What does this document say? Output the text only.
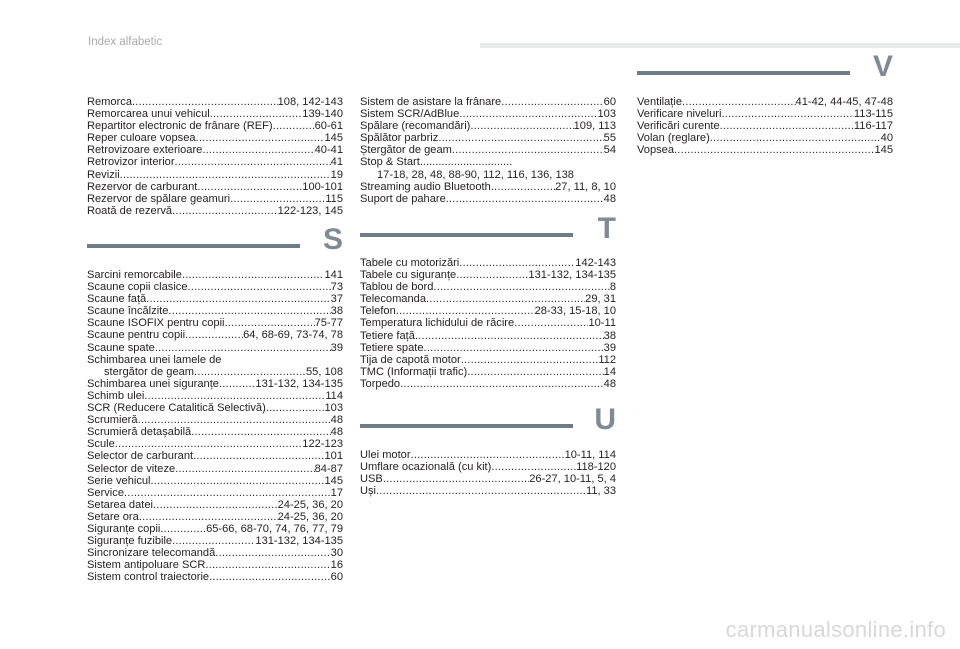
Index alfabetic
Remorca .....	108, 142-143
Remorcarea unui vehicul .....	139-140
Repartitor electronic de frânare (REF) .....	60-61
Reper culoare vopsea .....	145
Retrovizoare exterioare .....	40-41
Retrovizor interior .....	41
Revizii .....	19
Rezervor de carburant .....	100-101
Rezervor de spălare geamuri .....	115
Roată de rezervă .....	122-123, 145
S
Sarcini remorcabile .....	141
Scaune copii clasice .....	73
Scaune față .....	37
Scaune încălzite .....	38
Scaune ISOFIX pentru copii .....	75-77
Scaune pentru copii .....	64, 68-69, 73-74, 78
Scaune spate .....	39
Schimbarea unei lamele de
stergător de geam .....	55, 108
Schimbarea unei siguranțe .....	131-132, 134-135
Schimb ulei .....	114
SCR (Reducere Catalitică Selectivă) .....	103
Scrumieră .....	48
Scrumieră detașabilă .....	48
Scule .....	122-123
Selector de carburant .....	101
Selector de viteze .....	84-87
Serie vehicul .....	145
Service .....	17
Setarea datei .....	24-25, 36, 20
Setare ora .....	24-25, 36, 20
Siguranțe copii .....	65-66, 68-70, 74, 76, 77, 79
Siguranțe fuzibile .....	131-132, 134-135
Sincronizare telecomandă .....	30
Sistem antipoluare SCR .....	16
Sistem control traiectorie .....	60
Sistem de asistare la frânare .....	60
Sistem SCR/AdBlue .....	103
Spălare (recomandări) .....	109, 113
Spălător parbriz .....	55
Ștergător de geam .....	54
Stop & Start..............................
17-18, 28, 48, 88-90, 112, 116, 136, 138
Streaming audio Bluetooth .....	27, 11, 8, 10
Suport de pahare .....	48
T
Tabele cu motorizări .....	142-143
Tabele cu siguranțe .....	131-132, 134-135
Tablou de bord .....	8
Telecomanda .....	29, 31
Telefon .....	28-33, 15-18, 10
Temperatura lichidului de răcire .....	10-11
Tetiere față .....	38
Tetiere spate .....	39
Tija de capotă motor .....	112
TMC (Informații trafic) .....	14
Torpedo .....	48
U
Ulei motor .....	10-11, 114
Umflare ocazională (cu kit) .....	118-120
USB .....	26-27, 10-11, 5, 4
Uși .....	11, 33
V
Ventilație .....	41-42, 44-45, 47-48
Verificare niveluri .....	113-115
Verificări curente .....	116-117
Volan (reglare) .....	40
Vopsea .....	145
carmanualsonline.info
